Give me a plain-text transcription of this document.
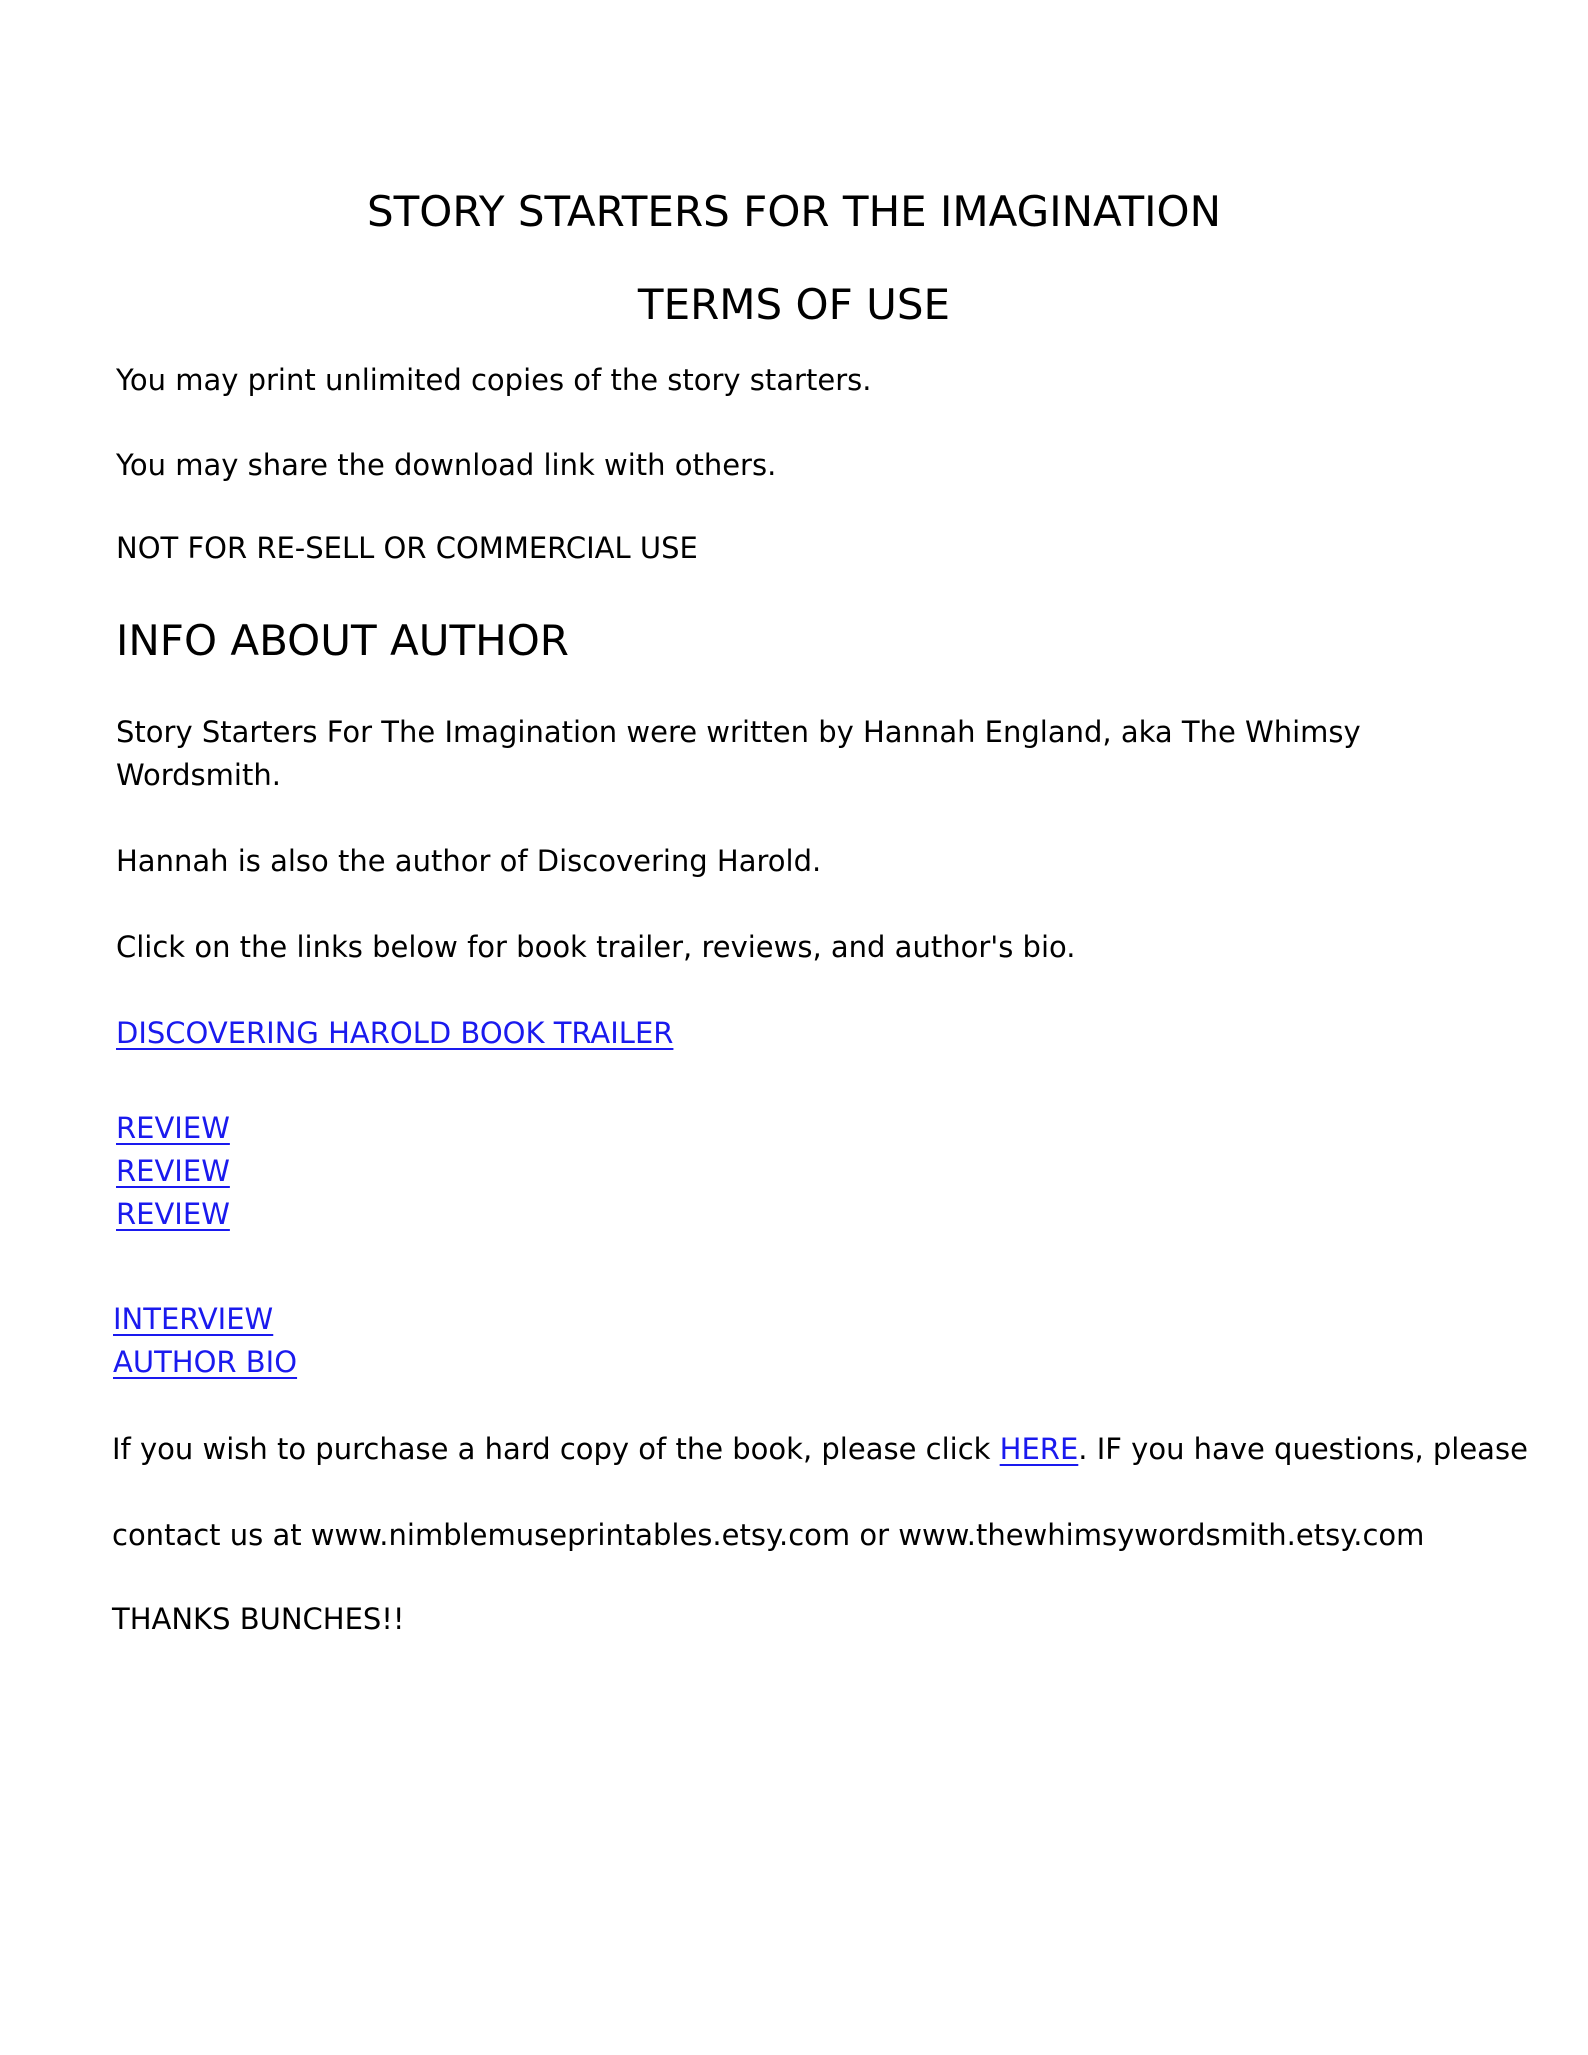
STORY STARTERS FOR THE IMAGINATION
TERMS OF USE

You may print unlimited copies of the story starters.

You may share the download link with others.

NOT FOR RE-SELL OR COMMERCIAL USE

INFO ABOUT AUTHOR

Story Starters For The Imagination were written by Hannah England, aka The Whimsy

Wordsmith.

Hannah is also the author of Discovering Harold.

Click on the links below for book trailer, reviews, and author's bio.

DISCOVERING HAROLD BOOK TRAILER
REVIEW
REVIEW
REVIEW
INTERVIEW
AUTHOR BIO

If you wish to purchase a hard copy of the book, please click HERE. IF you have questions, please

contact us at www.nimblemuseprintables.etsy.com or www.thewhimsywordsmith.etsy.com

THANKS BUNCHES!!
